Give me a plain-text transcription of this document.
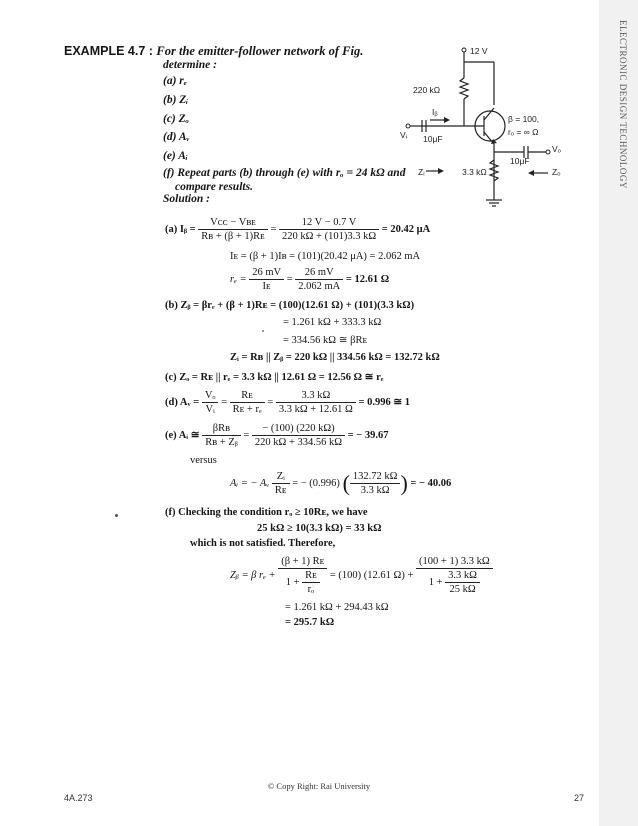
ELECTRONIC DESIGN TECHNOLOGY
EXAMPLE 4.7 : For the emitter-follower network of Fig.
determine :
(a) rₑ
(b) Zᵢ
(c) Zₒ
(d) Aᵥ
(e) Aᵢ
(f) Repeat parts (b) through (e) with rₒ = 24 kΩ and
compare results.
Solution :
12 V
220 kΩ
Iᵦ
Vᵢ 10μF
β = 100,
rₒ = ∞ Ω
10μF
Vₒ
3.3 kΩ
Zᵢ	Zₒ
(a) Iᵦ = $\frac{\text{Vᴄᴄ − Vʙᴇ}}{\text{Rʙ + (β + 1)Rᴇ}} = \frac{12 V - 0.7 V}{220 k\Omega + (101)3.3 k\Omega} = 20.42$ μA
Iᴇ = (β + 1)Iʙ = (101)(20.42 μA) = 2.062 mA
$r_e = \frac{26 mV}{\text{Iᴇ}} = \frac{26 mV}{2.062 mA} = 12.61$ Ω
(b) Zᵦ = βrₑ + (β + 1)Rᴇ = (100)(12.61 Ω) + (101)(3.3 kΩ)
= 1.261 kΩ + 333.3 kΩ
= 334.56 kΩ ≅ βRᴇ
Zᵢ = Rʙ || Zᵦ = 220 kΩ || 334.56 kΩ = 132.72 kΩ
(c) Zₒ = Rᴇ || rₑ = 3.3 kΩ || 12.61 Ω = 12.56 Ω ≅ rₑ
(d) Aᵥ = $\frac{\text{Vₒ}}{\text{Vᵢ}} = \frac{\text{Rᴇ}}{\text{Rᴇ + rₑ}} = \frac{3.3 k\Omega}{3.3 k\Omega + 12.61 \Omega} = 0.996$ ≅ 1
(e) Aᵢ ≅ $\frac{\text{βRʙ}}{\text{Rʙ + Zᵦ}} = \frac{- (100) (220 k\Omega)}{220 k\Omega + 334.56 k\Omega}$ = − 39.67
versus
Aᵢ = − Aᵥ $\frac{\text{Zᵢ}}{\text{Rᴇ}}$ = − (0.996) ( $\frac{132.72 k\Omega}{3.3 k\Omega}$ ) = − 40.06
(f) Checking the condition rₒ ≥ 10Rᴇ, we have
25 kΩ ≥ 10(3.3 kΩ) = 33 kΩ
which is not satisfied. Therefore,
Zᵦ = β $r_e + \frac{\text{(β + 1) Rᴇ}}{1 + \frac{\text{Rᴇ}}{\text{rₒ}}} = (100)$ (12.61 $\Omega) + \frac{(100 + 1) 3.3 k\Omega}{1 + \frac{3.3 k\Omega}{25 k\Omega}}$
= 1.261 kΩ + 294.43 kΩ
= 295.7 kΩ
© Copy Right: Rai University
4A.273	27
